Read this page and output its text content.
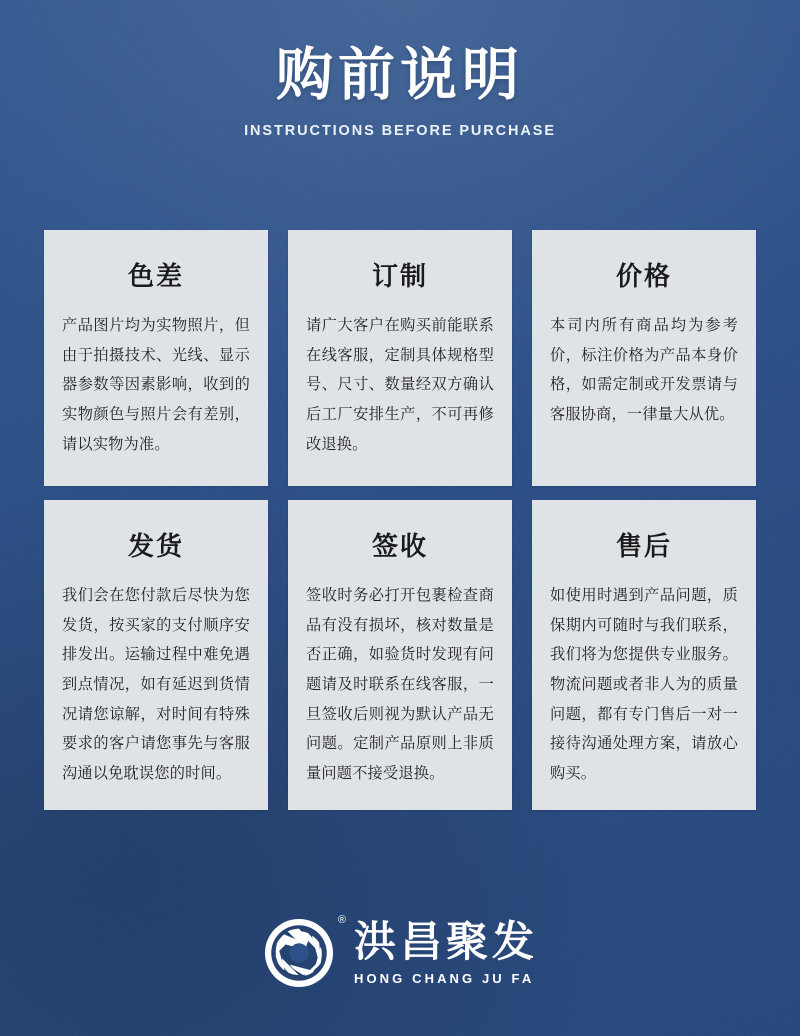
购前说明
INSTRUCTIONS BEFORE PURCHASE
色差
产品图片均为实物照片，但由于拍摄技术、光线、显示器参数等因素影响，收到的实物颜色与照片会有差别，请以实物为准。
订制
请广大客户在购买前能联系在线客服，定制具体规格型号、尺寸、数量经双方确认后工厂安排生产，不可再修改退换。
价格
本司内所有商品均为参考价，标注价格为产品本身价格，如需定制或开发票请与客服协商，一律量大从优。
发货
我们会在您付款后尽快为您发货，按买家的支付顺序安排发出。运输过程中难免遇到点情况，如有延迟到货情况请您谅解，对时间有特殊要求的客户请您事先与客服沟通以免耽误您的时间。
签收
签收时务必打开包裹检查商品有没有损坏，核对数量是否正确，如验货时发现有问题请及时联系在线客服，一旦签收后则视为默认产品无问题。定制产品原则上非质量问题不接受退换。
售后
如使用时遇到产品问题，质保期内可随时与我们联系，我们将为您提供专业服务。物流问题或者非人为的质量问题，都有专门售后一对一接待沟通处理方案，请放心购买。
® 洪昌聚发
HONG CHANG JU FA
